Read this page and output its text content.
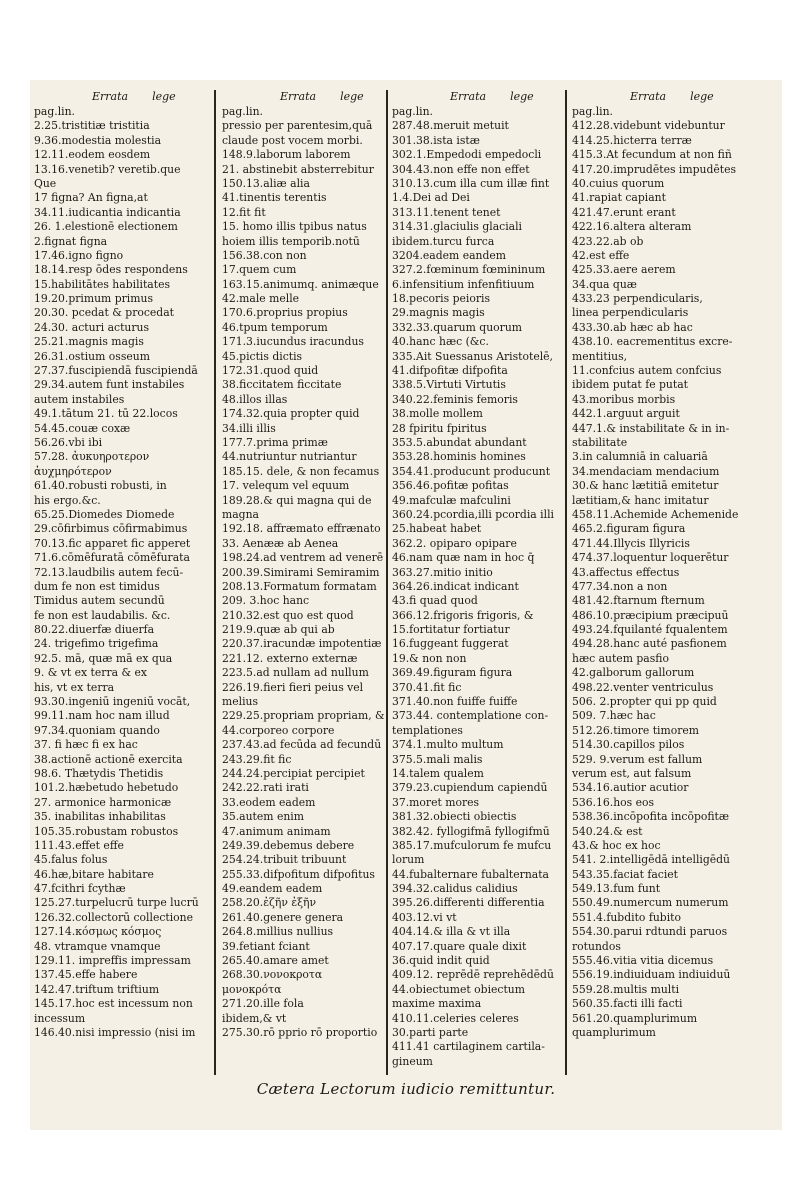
Errata lege
pag.lin.
2.25.tristitiæ tristitia
9.36.modestia molestia
12.11.eodem eosdem
13.16.venetib? veretib.que
Que
17 figna? An figna,at
34.11.iudicantia indicantia
26. 1.elestionē electionem
2.fignat figna
17.46.igno figno
18.14.resp ōdes respondens
15.habilitātes habilitates
19.20.primum primus
20.30. pcedat & procedat
24.30. acturi acturus
25.21.magnis magis
26.31.ostium osseum
27.37.fuscipiendā fuscipiendā
29.34.autem funt instabiles
autem instabiles
49.1.tātum 21. tū 22.locos
54.45.couæ coxæ
56.26.vbi ibi
57.28. ἀυκυηροτερον
ἀυχμηρότερον
61.40.robusti robusti, in
his ergo.&c.
65.25.Diomedes Diomede
29.cōfirbimus cōfirmabimus
70.13.fic apparet fic apperet
71.6.cōmēfuratā cōmēfurata
72.13.laudbilis autem fecū-
dum fe non est timidus
Timidus autem secundū
fe non est laudabilis. &c.
80.22.diuerfæ diuerfa
24. trigefimo trigefima
92.5. mā, quæ mā ex qua
9. & vt ex terra & ex
his, vt ex terra
93.30.ingeniū ingeniū vocāt,
99.11.nam hoc nam illud
97.34.quoniam quando
37. fi hæc fi ex hac
38.actionē actionē exercita
98.6. Thætydis Thetidis
101.2.hæbetudo hebetudo
27. armonice harmonicæ
35. inabilitas inhabilitas
105.35.robustam robustos
111.43.effet effe
45.falus folus
46.hæ,bitare habitare
47.fcithri fcythæ
125.27.turpelucrū turpe lucrū
126.32.collectorū collectione
127.14.κόσμως κόσμος
48. vtramque vnamque
129.11. impreffis impressam
137.45.effe habere
142.47.triftum triftium
145.17.hoc est incessum non
incessum
146.40.nisi impressio (nisi im
Errata lege
pag.lin.
pressio per parentesim,quā
claude post vocem morbi.
148.9.laborum laborem
21. abstinebit absterrebitur
150.13.aliæ alia
41.tinentis terentis
12.fit fit
15. homo illis tpibus natus
hoiem illis temporib.notū
156.38.con non
17.quem cum
163.15.animumq. animæque
42.male melle
170.6.proprius propius
46.tpum temporum
171.3.iucundus iracundus
45.pictis dictis
172.31.quod quid
38.ficcitatem ficcitate
48.illos illas
174.32.quia propter quid
34.illi illis
177.7.prima primæ
44.nutriuntur nutriantur
185.15. dele, & non fecamus
17. velequm vel equum
189.28.& qui magna qui de
magna
192.18. affræmato effrænato
33. Aenææ ab Aenea
198.24.ad ventrem ad venerē
200.39.Simirami Semiramim
208.13.Formatum formatam
209. 3.hoc hanc
210.32.est quo est quod
219.9.quæ ab qui ab
220.37.iracundæ impotentiæ
221.12. externo externæ
223.5.ad nullam ad nullum
226.19.fieri fieri peius vel
melius
229.25.propriam propriam, &
44.corporeo corpore
237.43.ad fecūda ad fecundū
243.29.fit fic
244.24.percipiat percipiet
242.22.rati irati
33.eodem eadem
35.autem enim
47.animum animam
249.39.debemus debere
254.24.tribuit tribuunt
255.33.difpofitum difpofitus
49.eandem eadem
258.20.ἐζῆν ἐξῆν
261.40.genere genera
264.8.millius nullius
39.fetiant fciant
265.40.amare amet
268.30.νονοκροτα
μονοκρότα
271.20.ille fola
ibidem,& vt
275.30.rō pprio rō proportio
Errata lege
pag.lin.
287.48.meruit metuit
301.38.ista istæ
302.1.Empedodi empedocli
304.43.non effe non effet
310.13.cum illa cum illæ fint
1.4.Dei ad Dei
313.11.tenent tenet
314.31.glaciulis glaciali
ibidem.turcu furca
3204.eadem eandem
327.2.fœminum fœmininum
6.infensitium infenfitiuum
18.pecoris peioris
29.magnis magis
332.33.quarum quorum
40.hanc hæc (&c.
335.Ait Suessanus Aristotelē,
41.difpofitæ difpofita
338.5.Virtuti Virtutis
340.22.feminis femoris
38.molle mollem
28 fpiritu fpiritus
353.5.abundat abundant
353.28.hominis homines
354.41.producunt producunt
356.46.pofitæ pofitas
49.mafculæ mafculini
360.24.pcordia,illi pcordia illi
25.habeat habet
362.2. opiparo opipare
46.nam quæ nam in hoc q̄
363.27.mitio initio
364.26.indicat indicant
43.fi quad quod
366.12.frigoris frigoris, &
15.fortitatur fortiatur
16.fuggeant fuggerat
19.& non non
369.49.figuram figura
370.41.fit fic
371.40.non fuiffe fuiffe
373.44. contemplatione con-
templationes
374.1.multo multum
375.5.mali malis
14.talem qualem
379.23.cupiendum capiendū
37.moret mores
381.32.obiecti obiectis
382.42. fyllogifmā fyllogifmū
385.17.mufculorum fe mufcu
lorum
44.fubalternare fubalternata
394.32.calidus calidius
395.26.differenti differentia
403.12.vi vt
404.14.& illa & vt illa
407.17.quare quale dixit
36.quid indit quid
409.12. reprēdē reprehēdēdū
44.obiectumet obiectum
maxime maxima
410.11.celeries celeres
30.parti parte
411.41 cartilaginem cartila-
gineum
Errata lege
pag.lin.
412.28.videbunt videbuntur
414.25.hicterra terræ
415.3.At fecundum at non fiñ
417.20.imprudētes impudētes
40.cuius quorum
41.rapiat capiant
421.47.erunt erant
422.16.altera alteram
423.22.ab ob
42.est effe
425.33.aere aerem
34.qua quæ
433.23 perpendicularis,
linea perpendicularis
433.30.ab hæc ab hac
438.10. eacrementitus excre-
mentitius,
11.confcius autem confcius
ibidem putat fe putat
43.moribus morbis
442.1.arguut arguit
447.1.& instabilitate & in in-
stabilitate
3.in calumniā in caluariā
34.mendaciam mendacium
30.& hanc lætitiā emitetur
lætitiam,& hanc imitatur
458.11.Achemide Achemenide
465.2.figuram figura
471.44.Illycis Illyricis
474.37.loquentur loquerētur
43.affectus effectus
477.34.non a non
481.42.ftarnum fternum
486.10.præcipium præcipuū
493.24.fquilanté fqualentem
494.28.hanc auté pasfionem
hæc autem pasfio
42.galborum gallorum
498.22.venter ventriculus
506. 2.propter qui pp quid
509. 7.hæc hac
512.26.timore timorem
514.30.capillos pilos
529. 9.verum est fallum
verum est, aut falsum
534.16.autior acutior
536.16.hos eos
538.36.incōpofita incōpofitæ
540.24.& est
43.& hoc ex hoc
541. 2.intelligēdā intelligēdū
543.35.faciat faciet
549.13.fum funt
550.49.numercum numerum
551.4.fubdito fubito
554.30.parui rdtundi paruos
rotundos
555.46.vitia vitia dicemus
556.19.indiuiduam indiuiduū
559.28.multis multi
560.35.facti illi facti
561.20.quamplurimum
quamplurimum
Cætera Lectorum iudicio remittuntur.
